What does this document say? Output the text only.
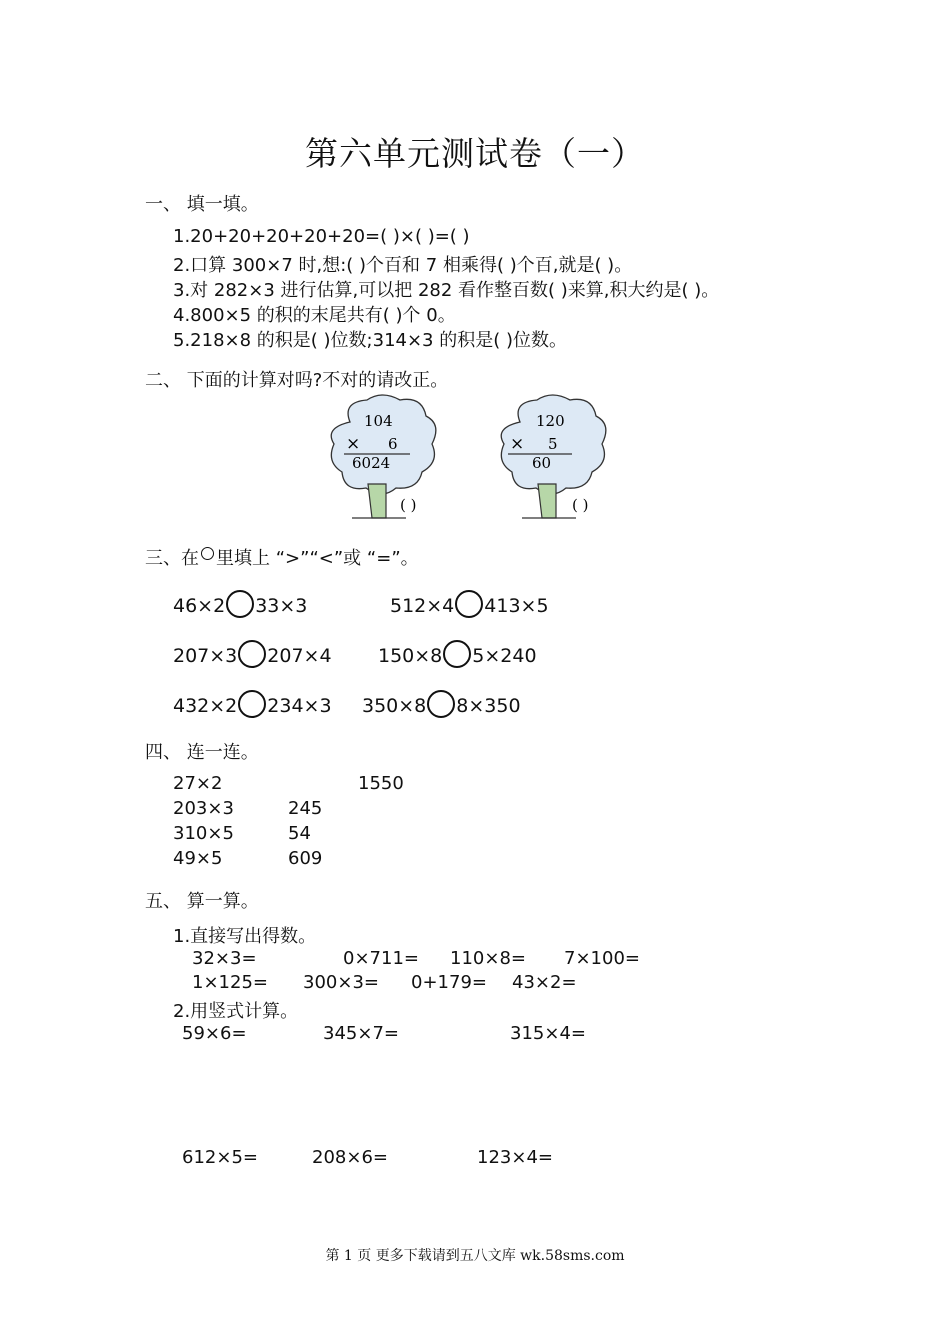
第六单元测试卷（一）
一、 填一填。
1.20+20+20+20+20=( )×( )=( )
2.口算 300×7 时,想:( )个百和 7 相乘得( )个百,就是( )。
3.对 282×3 进行估算,可以把 282 看作整百数( )来算,积大约是( )。
4.800×5 的积的末尾共有( )个 0。
5.218×8 的积是( )位数;314×3 的积是( )位数。
二、 下面的计算对吗?不对的请改正。
104
× 6
6024
( )
120
× 5
60
( )
三、在 里填上 “>”“<”或 “=”。
46×2 33×3	512×4 413×5
207×3 207×4 150×8 5×240
432×2 234×3 350×8 8×350
四、 连一连。
27×2
203×3
310×5
49×5
1550
245
54
609
五、 算一算。
1.直接写出得数。
32×3=	0×711= 110×8= 7×100=
1×125= 300×3= 0+179= 43×2=
2.用竖式计算。
59×6=	345×7=	315×4=
612×5=	208×6=	123×4=
第 1 页 更多下载请到五八文库 wk.58sms.com
